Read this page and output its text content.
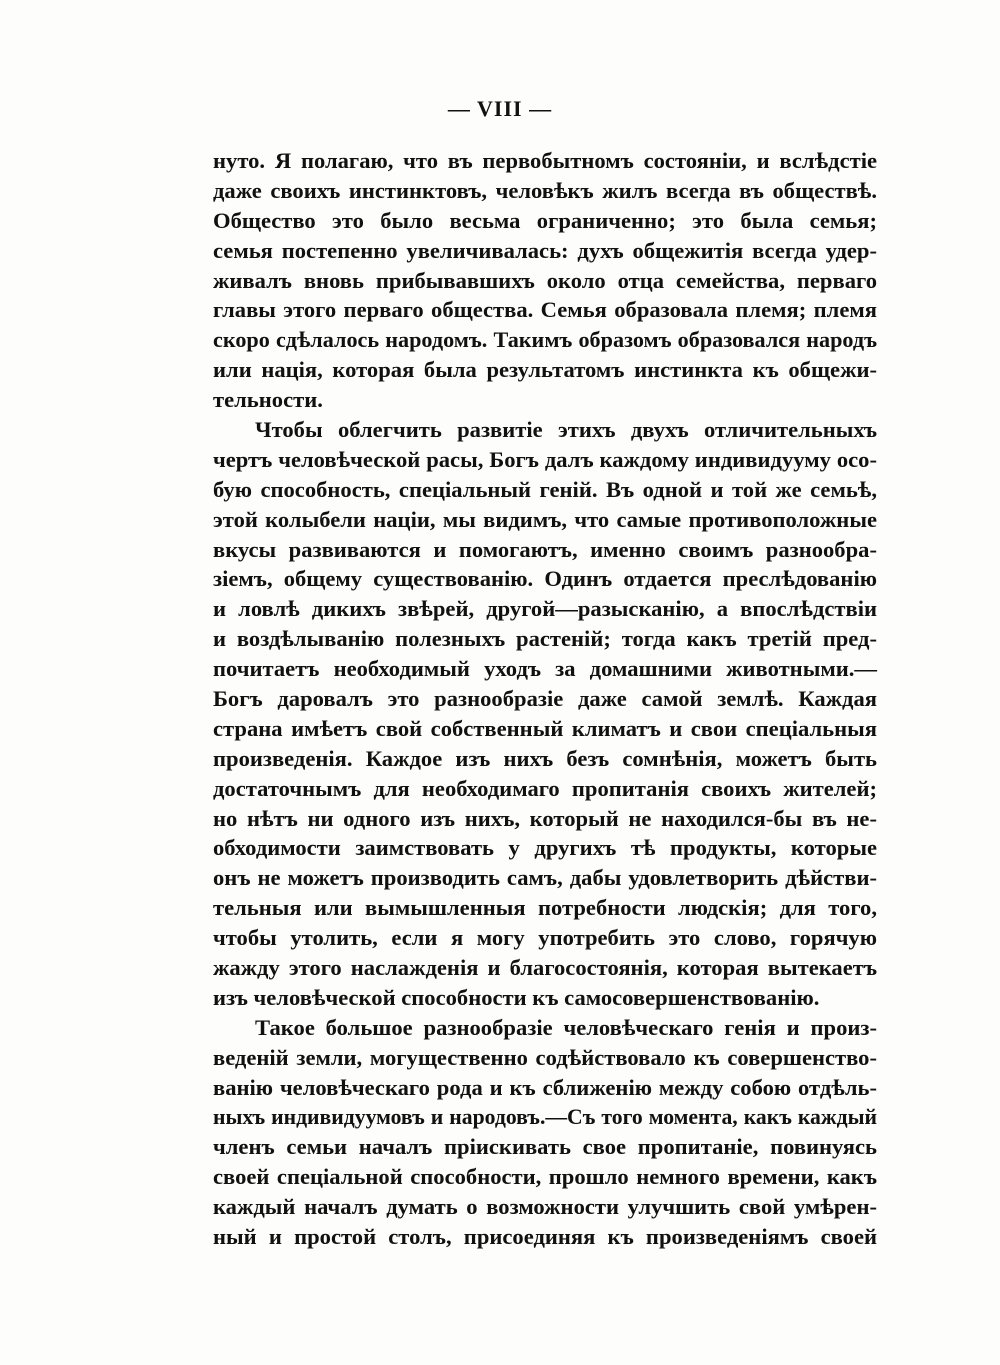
— VIII —
нуто. Я полагаю, что въ первобытномъ состояніи, и вслѣдстіе
даже своихъ инстинктовъ, человѣкъ жилъ всегда въ обществѣ.
Общество это было весьма ограниченно; это была семья;
семья постепенно увеличивалась: духъ общежитія всегда удер-
живалъ вновь прибывавшихъ около отца семейства, перваго
главы этого перваго общества. Семья образовала племя; племя
скоро сдѣлалось народомъ. Такимъ образомъ образовался народъ
или нація, которая была результатомъ инстинкта къ общежи-
тельности.
Чтобы облегчить развитіе этихъ двухъ отличительныхъ
чертъ человѣческой расы, Богъ далъ каждому индивидууму осо-
бую способность, спеціальный геній. Въ одной и той же семьѣ,
этой колыбели націи, мы видимъ, что самые противоположные
вкусы развиваются и помогаютъ, именно своимъ разнообра-
зіемъ, общему существованію. Одинъ отдается преслѣдованію
и ловлѣ дикихъ звѣрей, другой—разысканію, а впослѣдствіи
и воздѣлыванію полезныхъ растеній; тогда какъ третій пред-
почитаетъ необходимый уходъ за домашними животными.—
Богъ даровалъ это разнообразіе даже самой землѣ. Каждая
страна имѣетъ свой собственный климатъ и свои спеціальныя
произведенія. Каждое изъ нихъ безъ сомнѣнія, можетъ быть
достаточнымъ для необходимаго пропитанія своихъ жителей;
но нѣтъ ни одного изъ нихъ, который не находился-бы въ не-
обходимости заимствовать у другихъ тѣ продукты, которые
онъ не можетъ производить самъ, дабы удовлетворить дѣйстви-
тельныя или вымышленныя потребности людскія; для того,
чтобы утолить, если я могу употребить это слово, горячую
жажду этого наслажденія и благосостоянія, которая вытекаетъ
изъ человѣческой способности къ самосовершенствованію.
Такое большое разнообразіе человѣческаго генія и произ-
веденій земли, могущественно содѣйствовало къ совершенство-
ванію человѣческаго рода и къ сближенію между собою отдѣль-
ныхъ индивидуумовъ и народовъ.—Съ того момента, какъ каждый
членъ семьи началъ пріискивать свое пропитаніе, повинуясь
своей спеціальной способности, прошло немного времени, какъ
каждый началъ думать о возможности улучшить свой умѣрен-
ный и простой столъ, присоединяя къ произведеніямъ своей
